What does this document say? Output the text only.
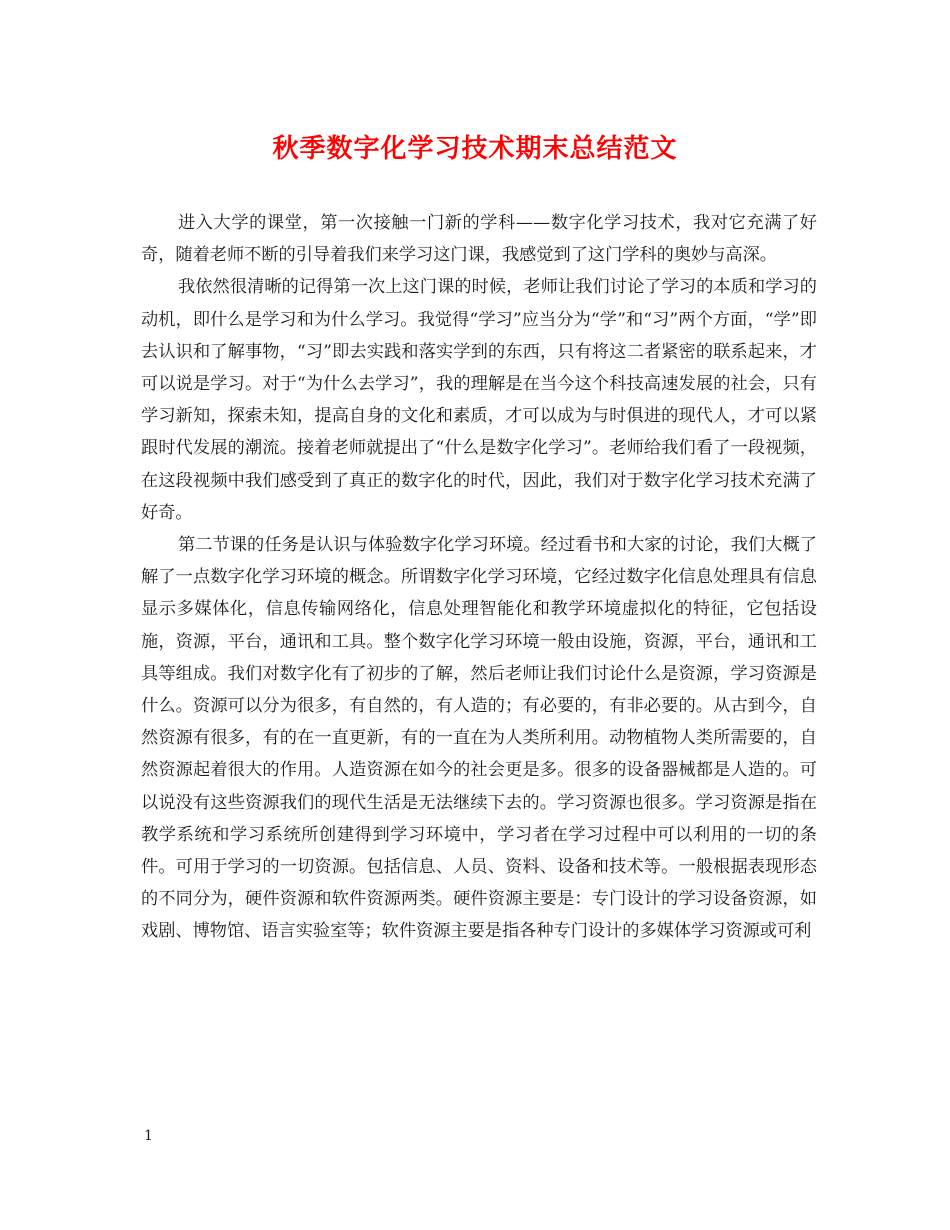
秋季数字化学习技术期末总结范文

进入大学的课堂，第一次接触一门新的学科——数字化学习技术，我对它充满了好奇，随着老师不断的引导着我们来学习这门课，我感觉到了这门学科的奥妙与高深。

我依然很清晰的记得第一次上这门课的时候，老师让我们讨论了学习的本质和学习的动机，即什么是学习和为什么学习。我觉得“学习”应当分为“学”和“习”两个方面，“学”即去认识和了解事物，“习”即去实践和落实学到的东西，只有将这二者紧密的联系起来，才可以说是学习。对于“为什么去学习”，我的理解是在当今这个科技高速发展的社会，只有学习新知，探索未知，提高自身的文化和素质，才可以成为与时俱进的现代人，才可以紧跟时代发展的潮流。接着老师就提出了“什么是数字化学习”。老师给我们看了一段视频，在这段视频中我们感受到了真正的数字化的时代，因此，我们对于数字化学习技术充满了好奇。

第二节课的任务是认识与体验数字化学习环境。经过看书和大家的讨论，我们大概了解了一点数字化学习环境的概念。所谓数字化学习环境，它经过数字化信息处理具有信息显示多媒体化，信息传输网络化，信息处理智能化和教学环境虚拟化的特征，它包括设施，资源，平台，通讯和工具。整个数字化学习环境一般由设施，资源，平台，通讯和工具等组成。我们对数字化有了初步的了解，然后老师让我们讨论什么是资源，学习资源是什么。资源可以分为很多，有自然的，有人造的；有必要的，有非必要的。从古到今，自然资源有很多，有的在一直更新，有的一直在为人类所利用。动物植物人类所需要的，自然资源起着很大的作用。人造资源在如今的社会更是多。很多的设备器械都是人造的。可以说没有这些资源我们的现代生活是无法继续下去的。学习资源也很多。学习资源是指在教学系统和学习系统所创建得到学习环境中，学习者在学习过程中可以利用的一切的条件。可用于学习的一切资源。包括信息、人员、资料、设备和技术等。一般根据表现形态的不同分为，硬件资源和软件资源两类。硬件资源主要是：专门设计的学习设备资源，如戏剧、博物馆、语言实验室等；软件资源主要是指各种专门设计的多媒体学习资源或可利

1
